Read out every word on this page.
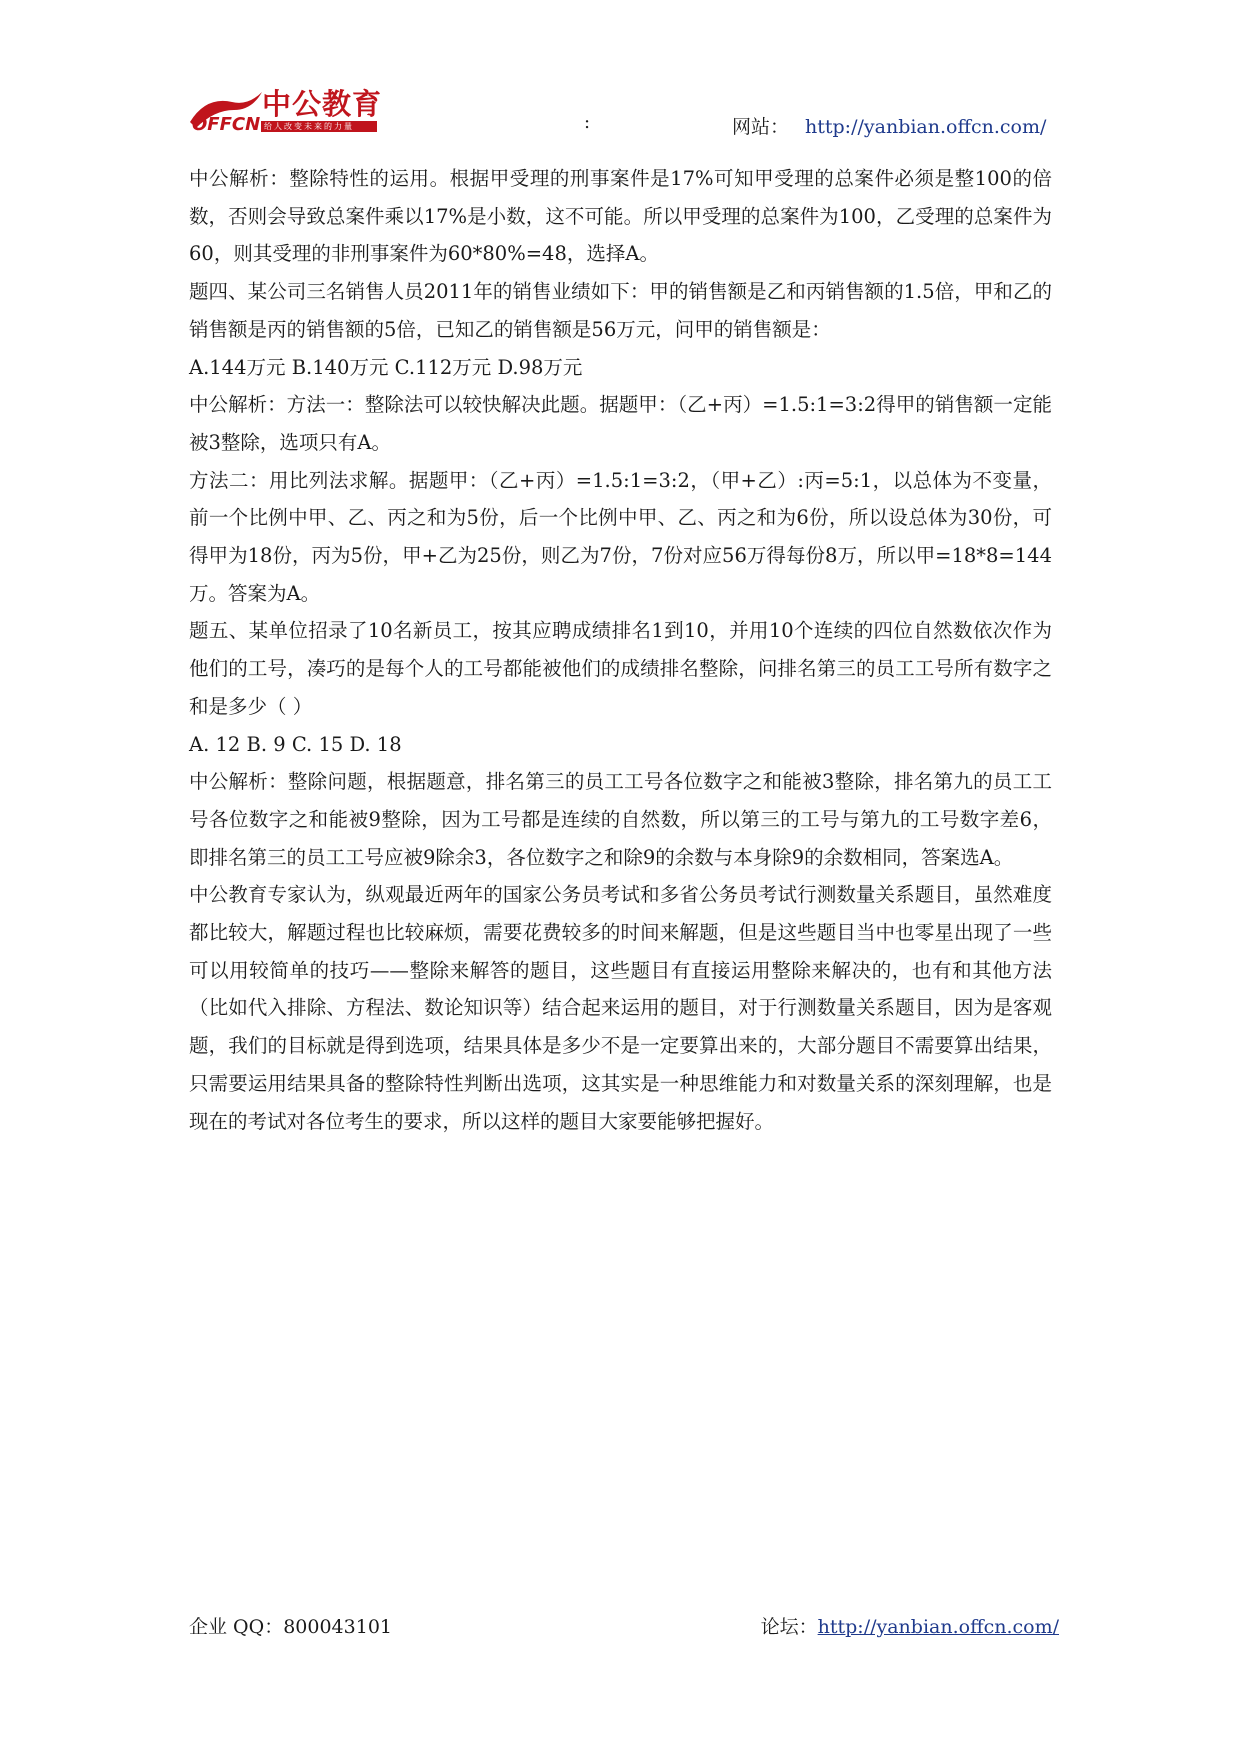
OFFCN
中公教育
给人改变未来的力量	:	网站： http://yanbian.offcn.com/

中公解析：整除特性的运用。根据甲受理的刑事案件是17%可知甲受理的总案件必须是整100的倍数，否则会导致总案件乘以17%是小数，这不可能。所以甲受理的总案件为100，乙受理的总案件为60，则其受理的非刑事案件为60*80%=48，选择A。

题四、某公司三名销售人员2011年的销售业绩如下：甲的销售额是乙和丙销售额的1.5倍，甲和乙的销售额是丙的销售额的5倍，已知乙的销售额是56万元，问甲的销售额是：

A.144万元 B.140万元 C.112万元 D.98万元

中公解析：方法一：整除法可以较快解决此题。据题甲：（乙+丙）=1.5:1=3:2得甲的销售额一定能被3整除，选项只有A。

方法二：用比列法求解。据题甲：（乙+丙）=1.5:1=3:2，（甲+乙）:丙=5:1，以总体为不变量，前一个比例中甲、乙、丙之和为5份，后一个比例中甲、乙、丙之和为6份，所以设总体为30份，可得甲为18份，丙为5份，甲+乙为25份，则乙为7份，7份对应56万得每份8万，所以甲=18*8=144万。答案为A。

题五、某单位招录了10名新员工，按其应聘成绩排名1到10，并用10个连续的四位自然数依次作为他们的工号，凑巧的是每个人的工号都能被他们的成绩排名整除，问排名第三的员工工号所有数字之和是多少（ ）

A. 12 B. 9 C. 15 D. 18

中公解析：整除问题，根据题意，排名第三的员工工号各位数字之和能被3整除，排名第九的员工工号各位数字之和能被9整除，因为工号都是连续的自然数，所以第三的工号与第九的工号数字差6，即排名第三的员工工号应被9除余3，各位数字之和除9的余数与本身除9的余数相同，答案选A。

中公教育专家认为，纵观最近两年的国家公务员考试和多省公务员考试行测数量关系题目，虽然难度都比较大，解题过程也比较麻烦，需要花费较多的时间来解题，但是这些题目当中也零星出现了一些可以用较简单的技巧——整除来解答的题目，这些题目有直接运用整除来解决的，也有和其他方法（比如代入排除、方程法、数论知识等）结合起来运用的题目，对于行测数量关系题目，因为是客观题，我们的目标就是得到选项，结果具体是多少不是一定要算出来的，大部分题目不需要算出结果，只需要运用结果具备的整除特性判断出选项，这其实是一种思维能力和对数量关系的深刻理解，也是现在的考试对各位考生的要求，所以这样的题目大家要能够把握好。

企业 QQ：800043101	论坛：http://yanbian.offcn.com/
